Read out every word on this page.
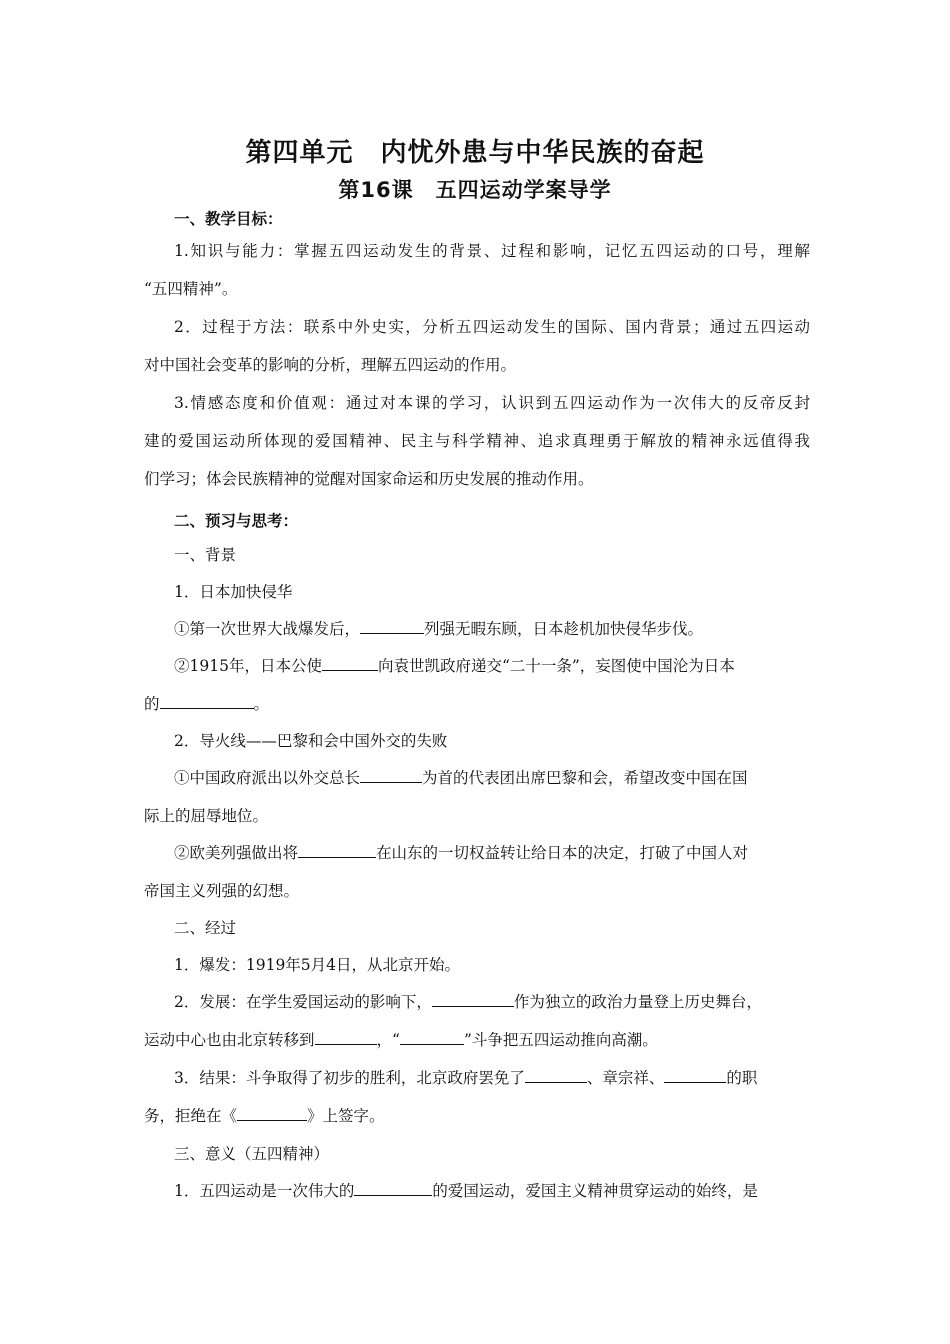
第四单元　内忧外患与中华民族的奋起
第16课　五四运动学案导学
一、教学目标：
1.知识与能力：掌握五四运动发生的背景、过程和影响，记忆五四运动的口号，理解
“五四精神”。
2．过程于方法：联系中外史实，分析五四运动发生的国际、国内背景；通过五四运动
对中国社会变革的影响的分析，理解五四运动的作用。
3.情感态度和价值观：通过对本课的学习，认识到五四运动作为一次伟大的反帝反封
建的爱国运动所体现的爱国精神、民主与科学精神、追求真理勇于解放的精神永远值得我
们学习；体会民族精神的觉醒对国家命运和历史发展的推动作用。
二、预习与思考：
一、背景
1．日本加快侵华
①第一次世界大战爆发后，	列强无暇东顾，日本趁机加快侵华步伐。
②1915年，日本公使	向袁世凯政府递交“二十一条”，妄图使中国沦为日本
的	。
2．导火线——巴黎和会中国外交的失败
①中国政府派出以外交总长	为首的代表团出席巴黎和会，希望改变中国在国
际上的屈辱地位。
②欧美列强做出将	在山东的一切权益转让给日本的决定，打破了中国人对
帝国主义列强的幻想。
二、经过
1．爆发：1919年5月4日，从北京开始。
2．发展：在学生爱国运动的影响下，	作为独立的政治力量登上历史舞台，
运动中心也由北京转移到	，“	”斗争把五四运动推向高潮。
3．结果：斗争取得了初步的胜利，北京政府罢免了	、章宗祥、	的职
务，拒绝在《	》上签字。
三、意义（五四精神）
1．五四运动是一次伟大的	的爱国运动，爱国主义精神贯穿运动的始终，是
